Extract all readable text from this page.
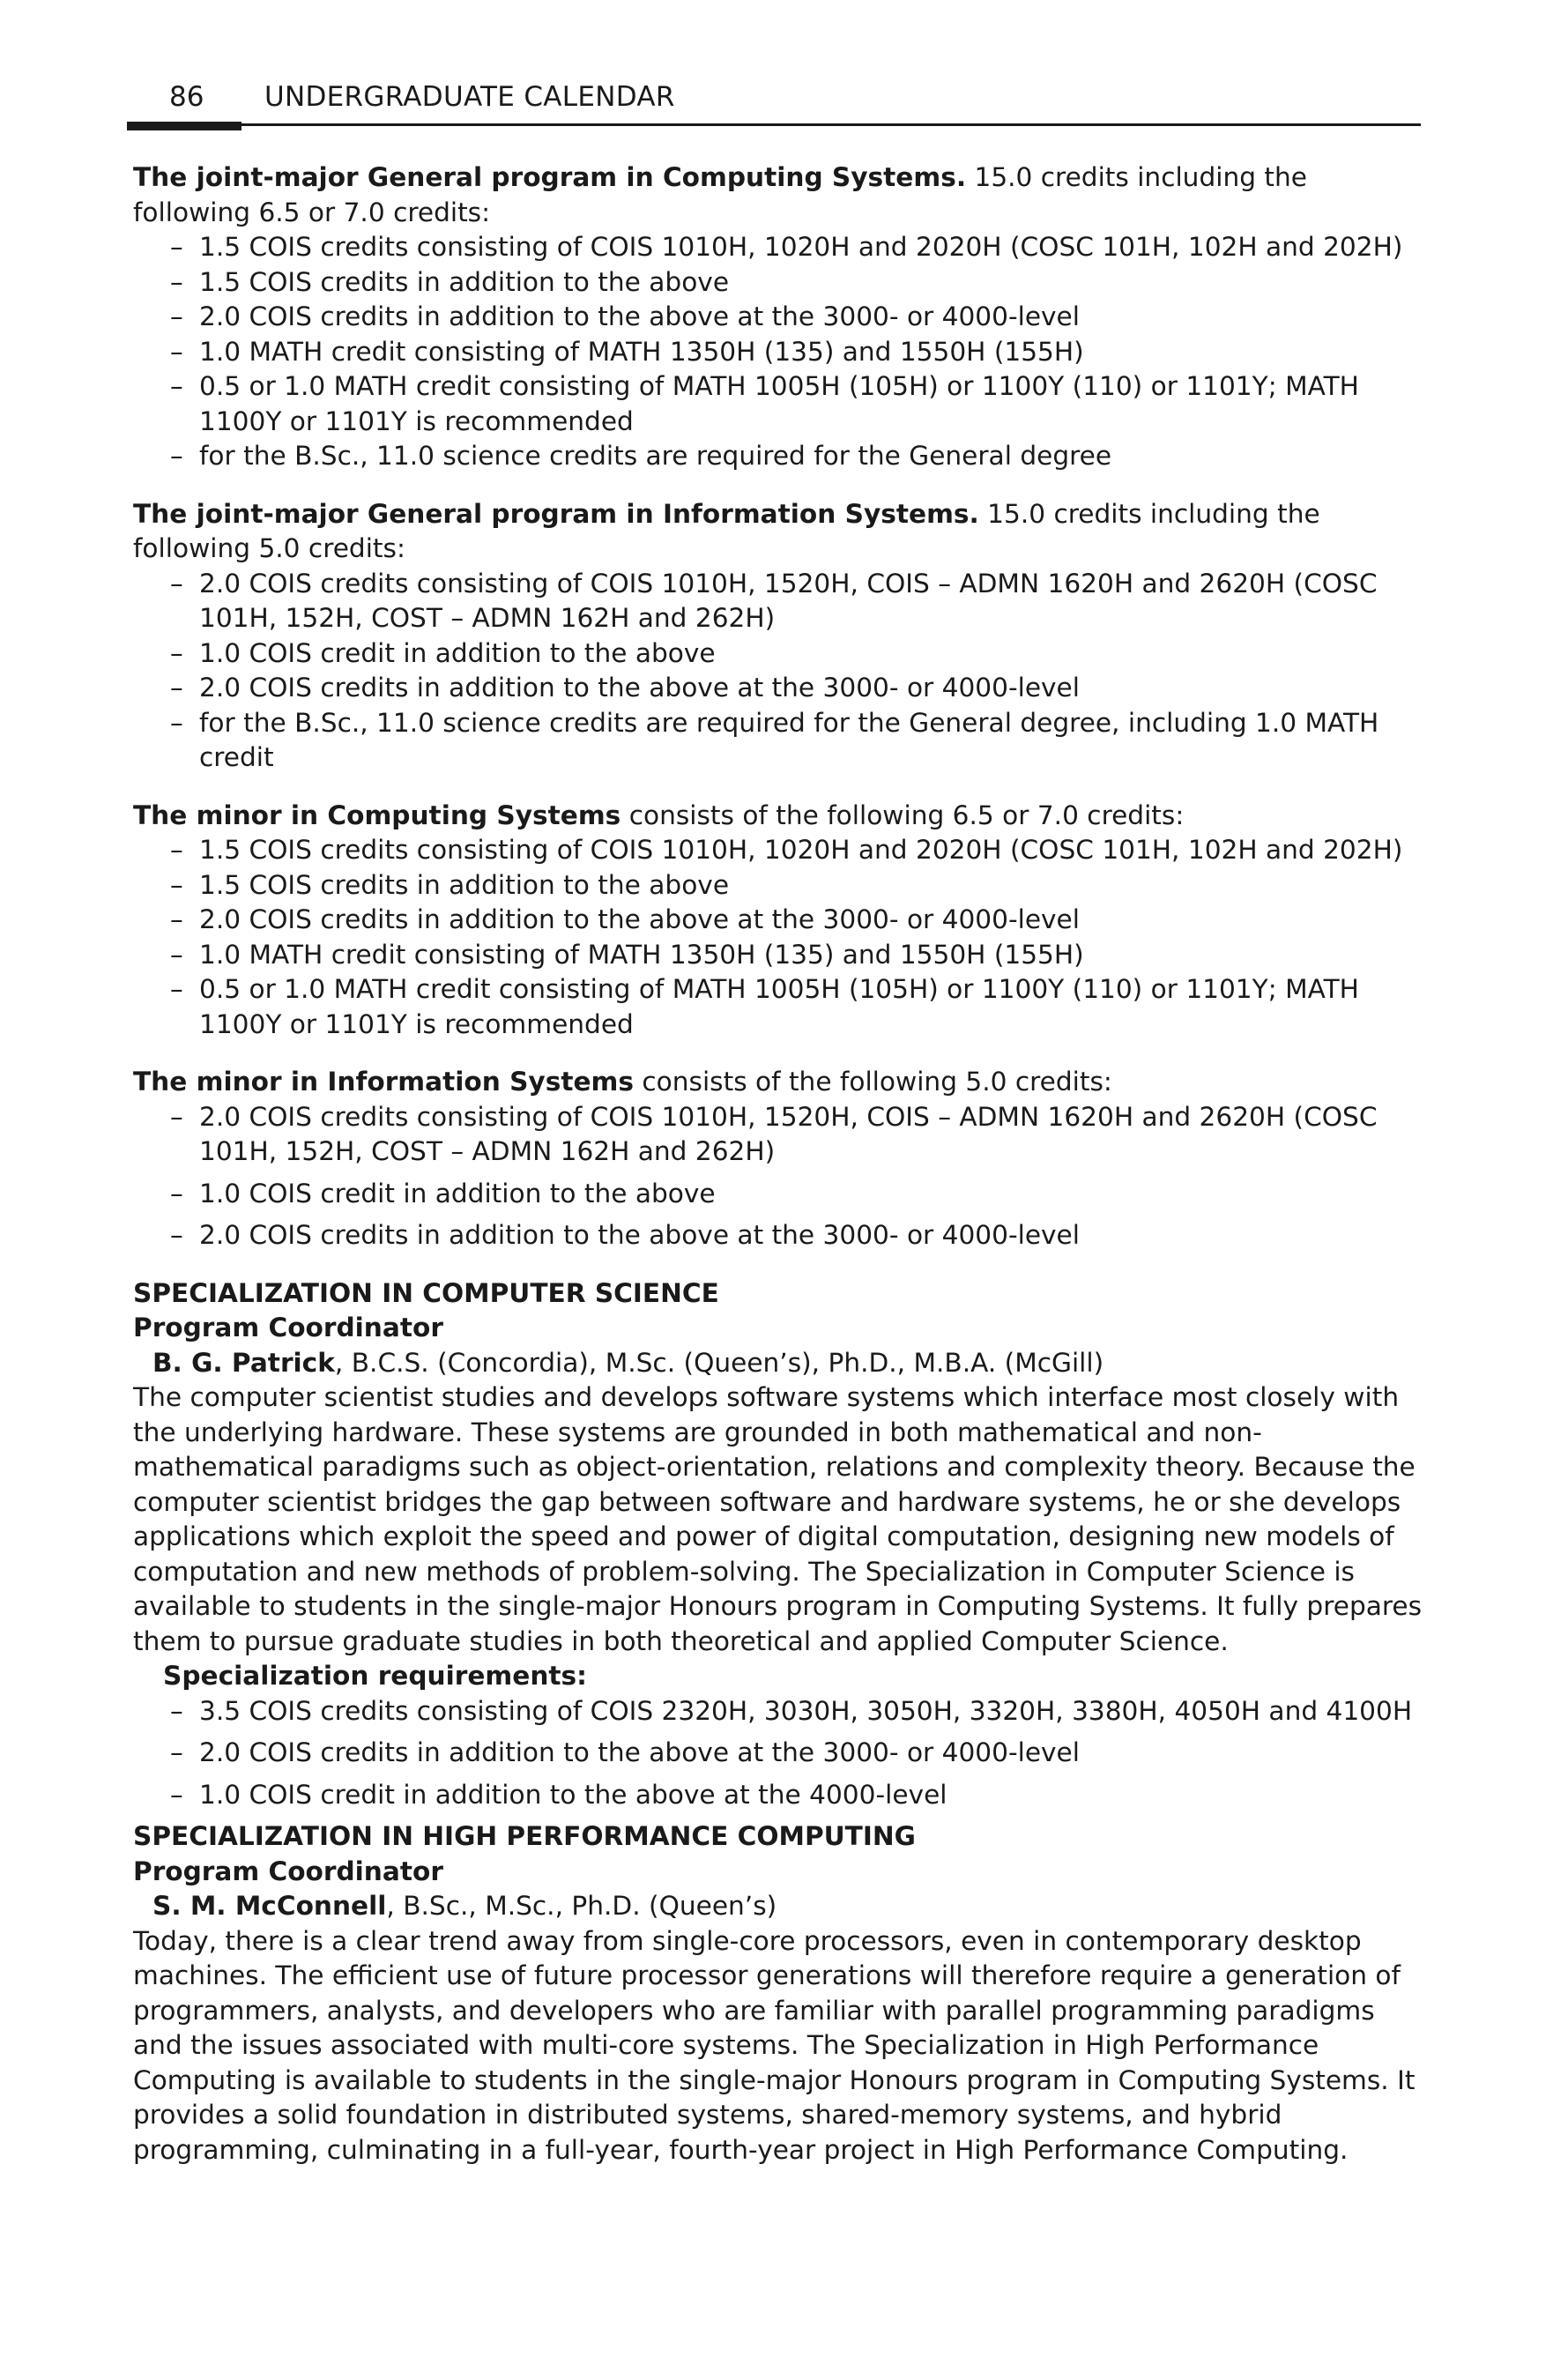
86 UNDERGRADUATE CALENDAR

The joint-major General program in Computing Systems. 15.0 credits including the following 6.5 or 7.0 credits:

– 1.5 COIS credits consisting of COIS 1010H, 1020H and 2020H (COSC 101H, 102H and 202H)
– 1.5 COIS credits in addition to the above
– 2.0 COIS credits in addition to the above at the 3000- or 4000-level
– 1.0 MATH credit consisting of MATH 1350H (135) and 1550H (155H)
– 0.5 or 1.0 MATH credit consisting of MATH 1005H (105H) or 1100Y (110) or 1101Y; MATH 1100Y or 1101Y is recommended
– for the B.Sc., 11.0 science credits are required for the General degree

The joint-major General program in Information Systems. 15.0 credits including the following 5.0 credits:

– 2.0 COIS credits consisting of COIS 1010H, 1520H, COIS – ADMN 1620H and 2620H (COSC 101H, 152H, COST – ADMN 162H and 262H)
– 1.0 COIS credit in addition to the above
– 2.0 COIS credits in addition to the above at the 3000- or 4000-level
– for the B.Sc., 11.0 science credits are required for the General degree, including 1.0 MATH credit

The minor in Computing Systems consists of the following 6.5 or 7.0 credits:

– 1.5 COIS credits consisting of COIS 1010H, 1020H and 2020H (COSC 101H, 102H and 202H)
– 1.5 COIS credits in addition to the above
– 2.0 COIS credits in addition to the above at the 3000- or 4000-level
– 1.0 MATH credit consisting of MATH 1350H (135) and 1550H (155H)
– 0.5 or 1.0 MATH credit consisting of MATH 1005H (105H) or 1100Y (110) or 1101Y; MATH 1100Y or 1101Y is recommended

The minor in Information Systems consists of the following 5.0 credits:

– 2.0 COIS credits consisting of COIS 1010H, 1520H, COIS – ADMN 1620H and 2620H (COSC 101H, 152H, COST – ADMN 162H and 262H)
– 1.0 COIS credit in addition to the above
– 2.0 COIS credits in addition to the above at the 3000- or 4000-level

SPECIALIZATION IN COMPUTER SCIENCE

Program Coordinator

B. G. Patrick, B.C.S. (Concordia), M.Sc. (Queen’s), Ph.D., M.B.A. (McGill)

The computer scientist studies and develops software systems which interface most closely with the underlying hardware. These systems are grounded in both mathematical and non-mathematical paradigms such as object-orientation, relations and complexity theory. Because the computer scientist bridges the gap between software and hardware systems, he or she develops applications which exploit the speed and power of digital computation, designing new models of computation and new methods of problem-solving. The Specialization in Computer Science is available to students in the single-major Honours program in Computing Systems. It fully prepares them to pursue graduate studies in both theoretical and applied Computer Science.

Specialization requirements:

– 3.5 COIS credits consisting of COIS 2320H, 3030H, 3050H, 3320H, 3380H, 4050H and 4100H
– 2.0 COIS credits in addition to the above at the 3000- or 4000-level
– 1.0 COIS credit in addition to the above at the 4000-level

SPECIALIZATION IN HIGH PERFORMANCE COMPUTING

Program Coordinator

S. M. McConnell, B.Sc., M.Sc., Ph.D. (Queen’s)

Today, there is a clear trend away from single-core processors, even in contemporary desktop machines. The efficient use of future processor generations will therefore require a generation of programmers, analysts, and developers who are familiar with parallel programming paradigms and the issues associated with multi-core systems. The Specialization in High Performance Computing is available to students in the single-major Honours program in Computing Systems. It provides a solid foundation in distributed systems, shared-memory systems, and hybrid programming, culminating in a full-year, fourth-year project in High Performance Computing.
